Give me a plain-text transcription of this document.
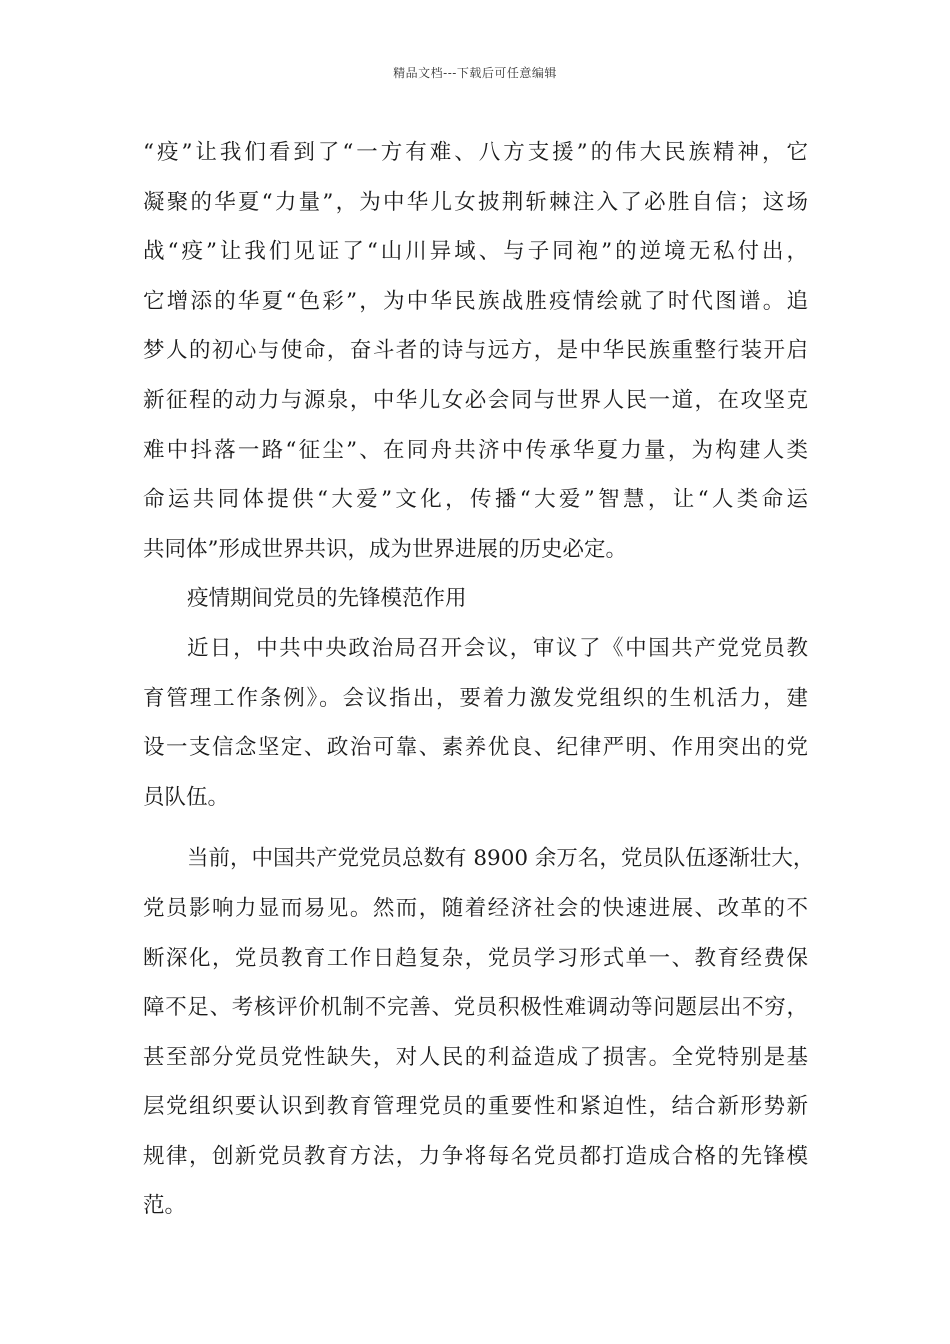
精品文档---下载后可任意编辑
“疫”让我们看到了“一方有难、八方支援”的伟大民族精神，它
凝聚的华夏“力量”，为中华儿女披荆斩棘注入了必胜自信；这场
战“疫”让我们见证了“山川异域、与子同袍”的逆境无私付出，
它增添的华夏“色彩”，为中华民族战胜疫情绘就了时代图谱。追
梦人的初心与使命，奋斗者的诗与远方，是中华民族重整行装开启
新征程的动力与源泉，中华儿女必会同与世界人民一道，在攻坚克
难中抖落一路“征尘”、在同舟共济中传承华夏力量，为构建人类
命运共同体提供“大爱”文化，传播“大爱”智慧，让“人类命运
共同体”形成世界共识，成为世界进展的历史必定。
疫情期间党员的先锋模范作用
近日，中共中央政治局召开会议，审议了《中国共产党党员教
育管理工作条例》。会议指出，要着力激发党组织的生机活力，建
设一支信念坚定、政治可靠、素养优良、纪律严明、作用突出的党
员队伍。
当前，中国共产党党员总数有 8900 余万名，党员队伍逐渐壮大，
党员影响力显而易见。然而，随着经济社会的快速进展、改革的不
断深化，党员教育工作日趋复杂，党员学习形式单一、教育经费保
障不足、考核评价机制不完善、党员积极性难调动等问题层出不穷，
甚至部分党员党性缺失，对人民的利益造成了损害。全党特别是基
层党组织要认识到教育管理党员的重要性和紧迫性，结合新形势新
规律，创新党员教育方法，力争将每名党员都打造成合格的先锋模
范。
